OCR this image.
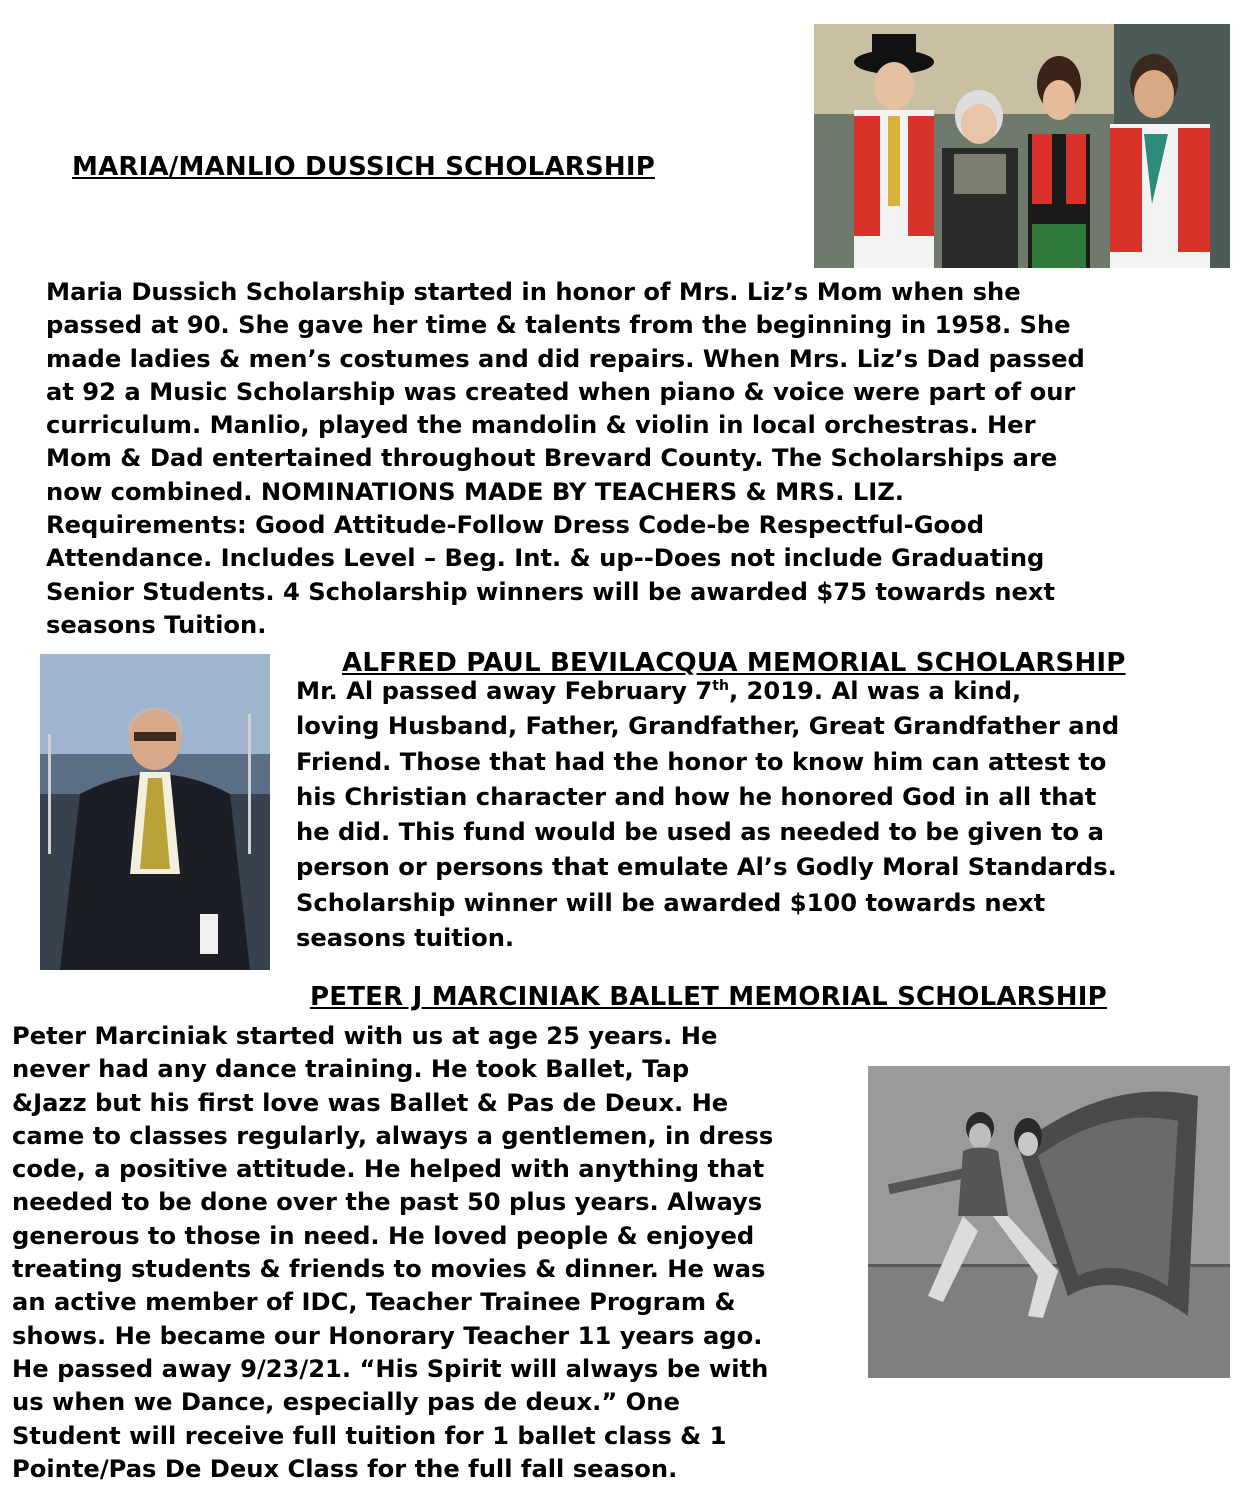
MARIA/MANLIO DUSSICH SCHOLARSHIP

Maria Dussich Scholarship started in honor of Mrs. Liz’s Mom when she
passed at 90. She gave her time & talents from the beginning in 1958. She
made ladies & men’s costumes and did repairs. When Mrs. Liz’s Dad passed
at 92 a Music Scholarship was created when piano & voice were part of our
curriculum. Manlio, played the mandolin & violin in local orchestras. Her
Mom & Dad entertained throughout Brevard County. The Scholarships are
now combined. NOMINATIONS MADE BY TEACHERS & MRS. LIZ.
Requirements: Good Attitude-Follow Dress Code-be Respectful-Good
Attendance. Includes Level – Beg. Int. & up--Does not include Graduating
Senior Students. 4 Scholarship winners will be awarded $75 towards next
seasons Tuition.

ALFRED PAUL BEVILACQUA MEMORIAL SCHOLARSHIP

Mr. Al passed away February 7th, 2019. Al was a kind,
loving Husband, Father, Grandfather, Great Grandfather and
Friend. Those that had the honor to know him can attest to
his Christian character and how he honored God in all that
he did. This fund would be used as needed to be given to a
person or persons that emulate Al’s Godly Moral Standards.
Scholarship winner will be awarded $100 towards next
seasons tuition.

PETER J MARCINIAK BALLET MEMORIAL SCHOLARSHIP

Peter Marciniak started with us at age 25 years. He
never had any dance training. He took Ballet, Tap
&Jazz but his first love was Ballet & Pas de Deux. He
came to classes regularly, always a gentlemen, in dress
code, a positive attitude. He helped with anything that
needed to be done over the past 50 plus years. Always
generous to those in need. He loved people & enjoyed
treating students & friends to movies & dinner. He was
an active member of IDC, Teacher Trainee Program &
shows. He became our Honorary Teacher 11 years ago.
He passed away 9/23/21. “His Spirit will always be with
us when we Dance, especially pas de deux.” One
Student will receive full tuition for 1 ballet class & 1
Pointe/Pas De Deux Class for the full fall season.
